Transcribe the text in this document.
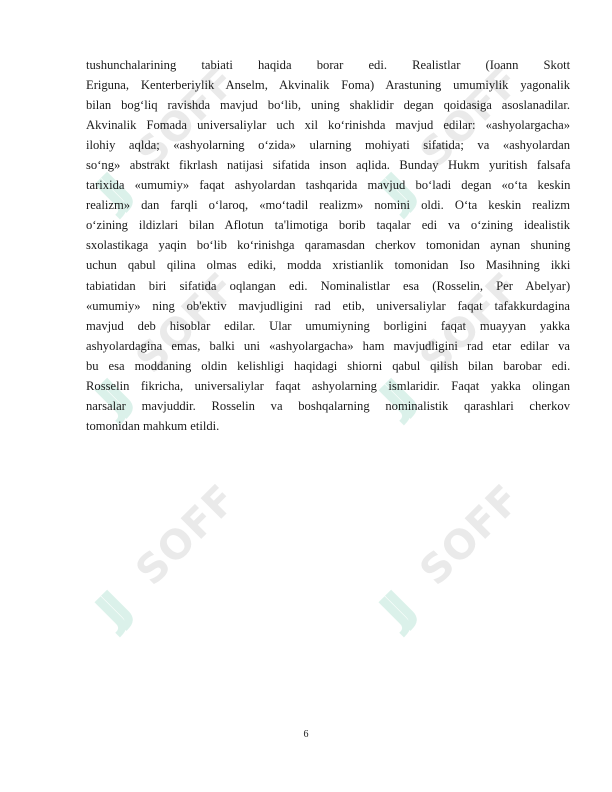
JJ
SOFF
JJ
SOFF
JJ
SOFF
JJ
SOFF
JJ
SOFF
JJ
SOFF
tushunchalarining tabiati haqida borar edi. Realistlar (Ioann Skott
Eriguna, Kenterberiylik Anselm, Akvinalik Foma) Arastuning umumiylik yagonalik
bilan bog‘liq ravishda mavjud bo‘lib, uning shaklidir degan qoidasiga asoslanadilar.
Akvinalik Fomada universaliylar uch xil ko‘rinishda mavjud edilar: «ashyolargacha»
ilohiy aqlda; «ashyolarning o‘zida» ularning mohiyati sifatida; va «ashyolardan
so‘ng» abstrakt fikrlash natijasi sifatida inson aqlida. Bunday Hukm yuritish falsafa
tarixida «umumiy» faqat ashyolardan tashqarida mavjud bo‘ladi degan «o‘ta keskin
realizm» dan farqli o‘laroq, «mo‘tadil realizm» nomini oldi. O‘ta keskin realizm
o‘zining ildizlari bilan Aflotun ta'limotiga borib taqalar edi va o‘zining idealistik
sxolastikaga yaqin bo‘lib ko‘rinishga qaramasdan cherkov tomonidan aynan shuning
uchun qabul qilina olmas ediki, modda xristianlik tomonidan Iso Masihning ikki
tabiatidan biri sifatida oqlangan edi. Nominalistlar esa (Rosselin, Per Abelyar)
«umumiy» ning ob'ektiv mavjudligini rad etib, universaliylar faqat tafakkurdagina
mavjud deb hisoblar edilar. Ular umumiyning borligini faqat muayyan yakka
ashyolardagina emas, balki uni «ashyolargacha» ham mavjudligini rad etar edilar va
bu esa moddaning oldin kelishligi haqidagi shiorni qabul qilish bilan barobar edi.
Rosselin fikricha, universaliylar faqat ashyolarning ismlaridir. Faqat yakka olingan
narsalar mavjuddir. Rosselin va boshqalarning nominalistik qarashlari cherkov
tomonidan mahkum etildi.
6
